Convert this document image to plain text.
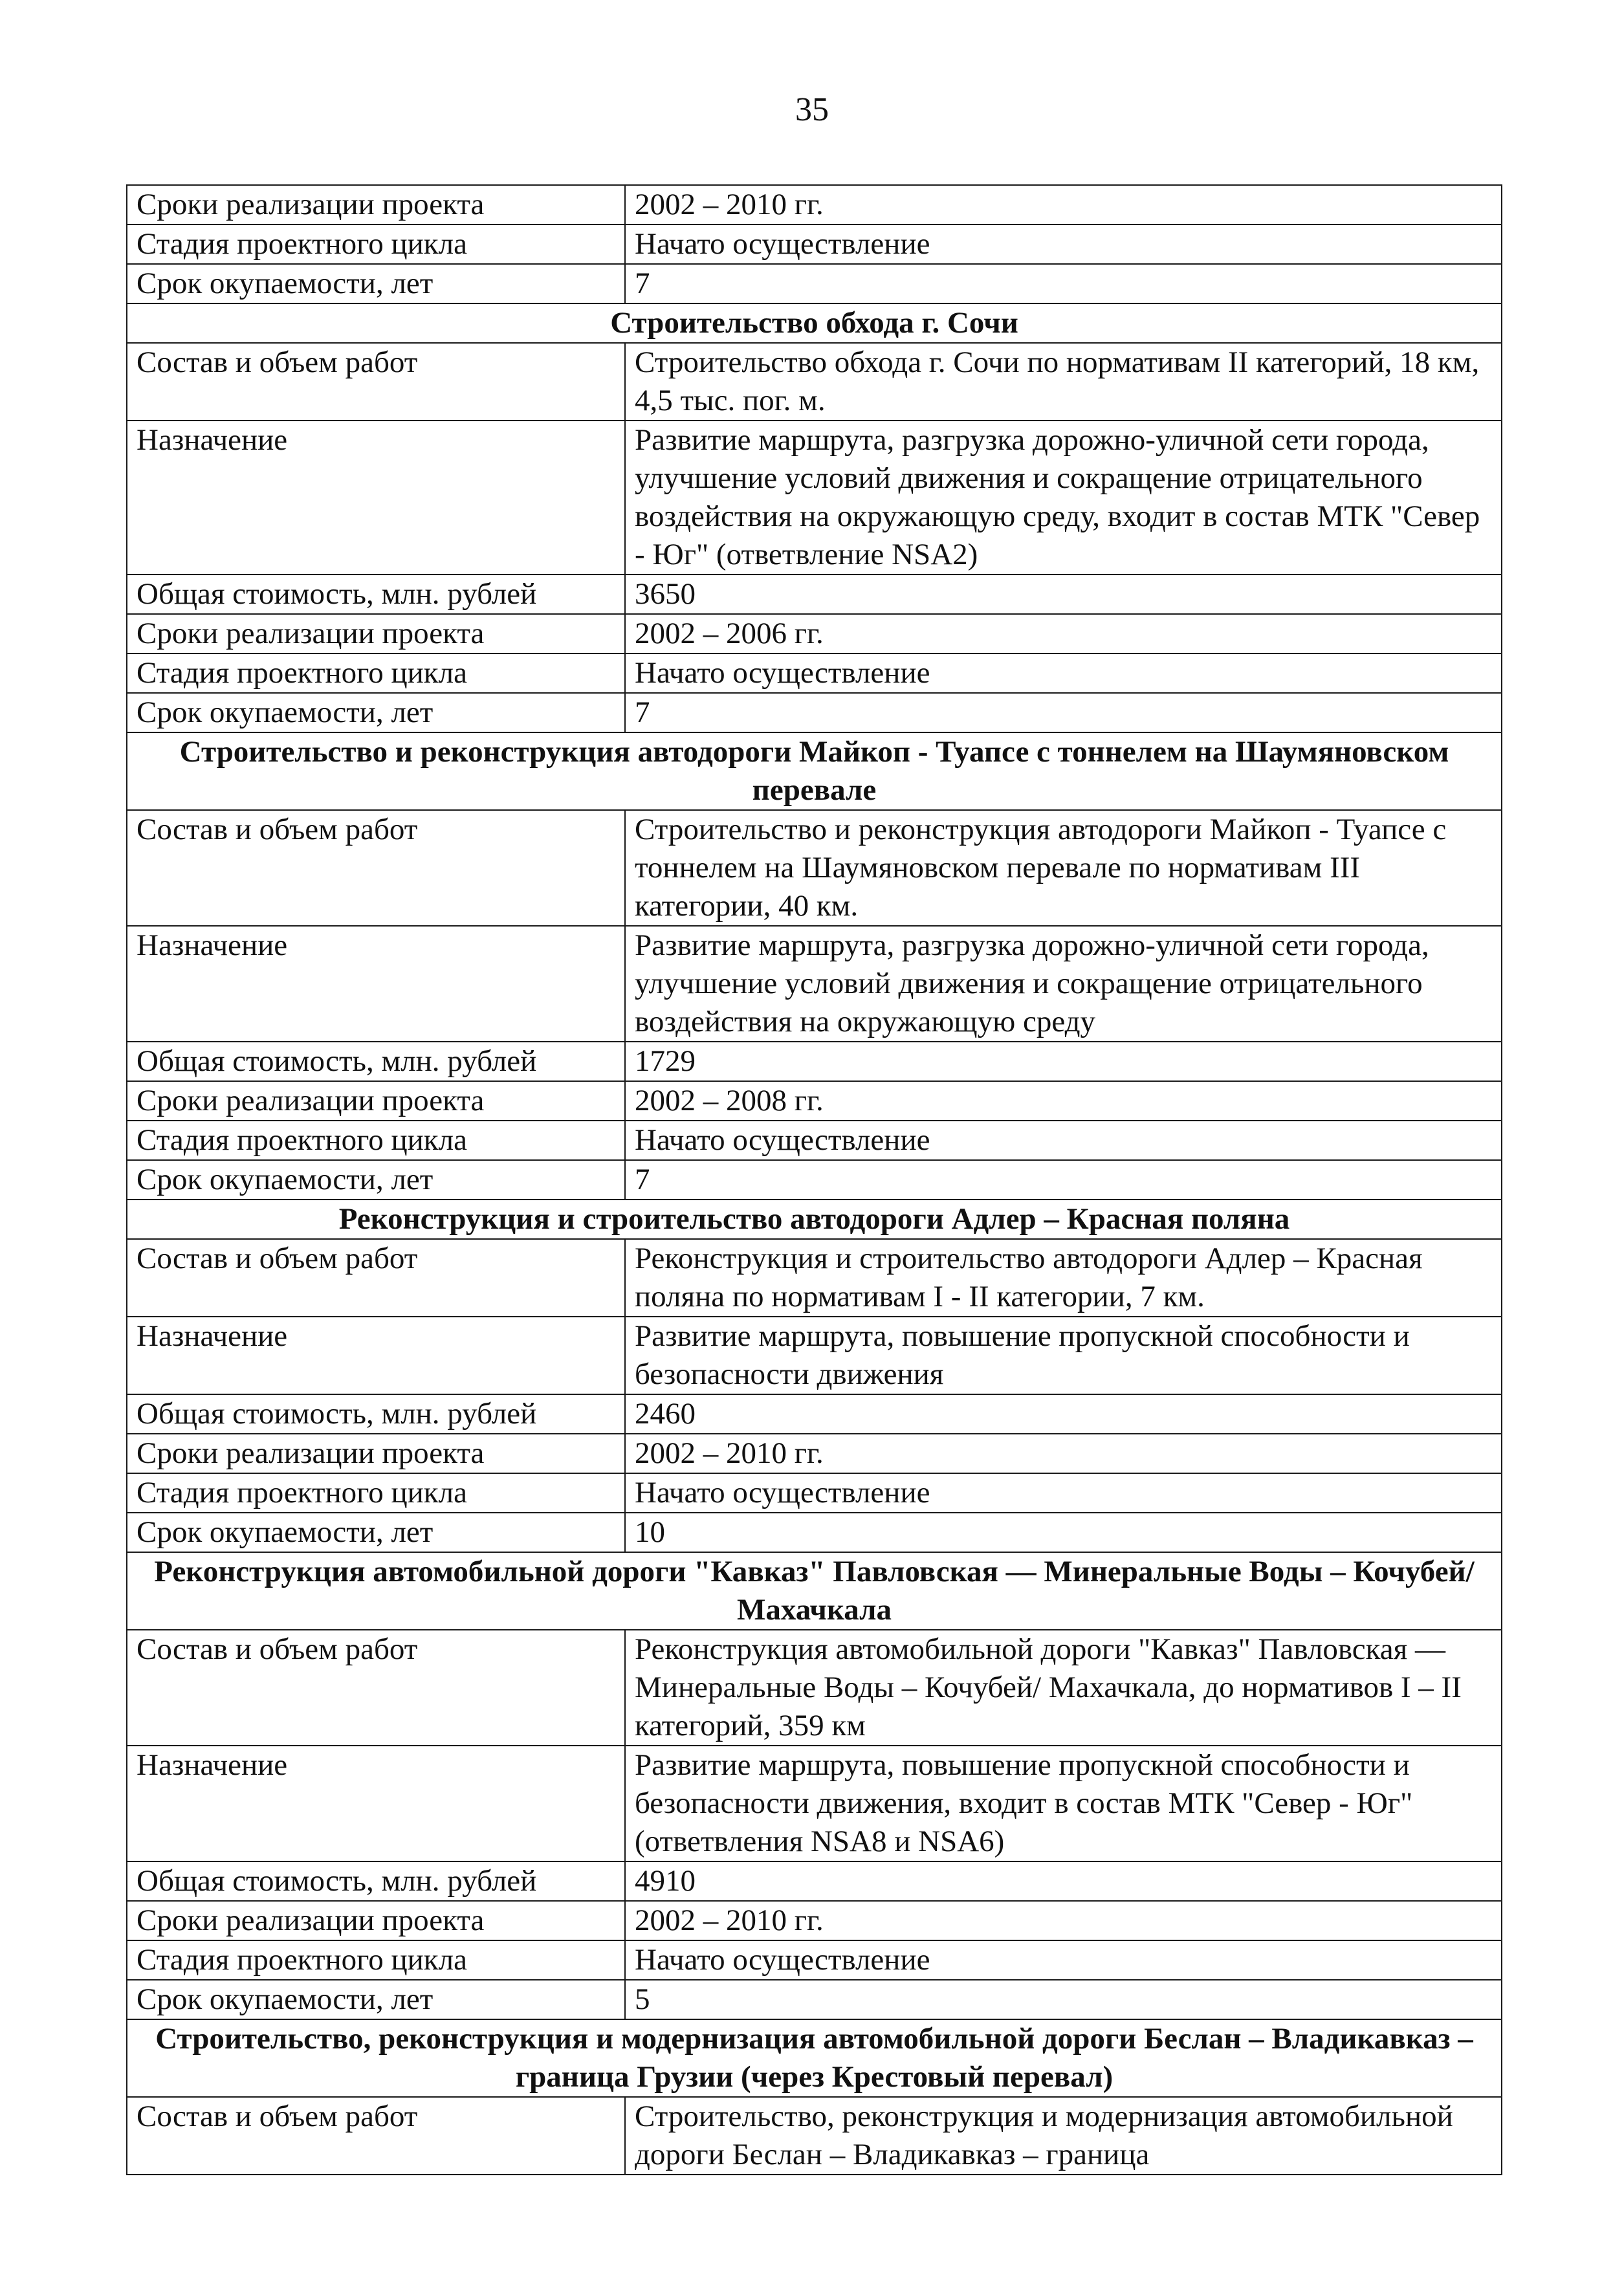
35
Сроки реализации проекта	2002 – 2010 гг.
Стадия проектного цикла	Начато осуществление
Срок окупаемости, лет	7
Строительство обхода г. Сочи	
Состав и объем работ	Строительство обхода г. Сочи по нормативам II категорий, 18 км, 4,5 тыс. пог. м.
Назначение	Развитие маршрута, разгрузка дорожно-уличной сети города, улучшение условий движения и сокращение отрицательного воздействия на окружающую среду, входит в состав МТК "Север - Юг" (ответвление NSA2)
Общая стоимость, млн. рублей	3650
Сроки реализации проекта	2002 – 2006 гг.
Стадия проектного цикла	Начато осуществление
Срок окупаемости, лет	7
Строительство и реконструкция автодороги Майкоп - Туапсе с тоннелем на Шаумяновском перевале	
Состав и объем работ	Строительство и реконструкция автодороги Майкоп - Туапсе с тоннелем на Шаумяновском перевале по нормативам III категории, 40 км.
Назначение	Развитие маршрута, разгрузка дорожно-уличной сети города, улучшение условий движения и сокращение отрицательного воздействия на окружающую среду
Общая стоимость, млн. рублей	1729
Сроки реализации проекта	2002 – 2008 гг.
Стадия проектного цикла	Начато осуществление
Срок окупаемости, лет	7
Реконструкция и строительство автодороги Адлер – Красная поляна	
Состав и объем работ	Реконструкция и строительство автодороги Адлер – Красная поляна по нормативам I - II категории, 7 км.
Назначение	Развитие маршрута, повышение пропускной способности и безопасности движения
Общая стоимость, млн. рублей	2460
Сроки реализации проекта	2002 – 2010 гг.
Стадия проектного цикла	Начато осуществление
Срок окупаемости, лет	10
Реконструкция автомобильной дороги "Кавказ" Павловская — Минеральные Воды – Кочубей/Махачкала	
Состав и объем работ	Реконструкция автомобильной дороги "Кавказ" Павловская — Минеральные Воды – Кочубей/ Махачкала, до нормативов I – II категорий, 359 км
Назначение	Развитие маршрута, повышение пропускной способности и безопасности движения, входит в состав МТК "Север - Юг" (ответвления NSA8 и NSA6)
Общая стоимость, млн. рублей	4910
Сроки реализации проекта	2002 – 2010 гг.
Стадия проектного цикла	Начато осуществление
Срок окупаемости, лет	5
Строительство, реконструкция и модернизация автомобильной дороги Беслан – Владикавказ – граница Грузии (через Крестовый перевал)	
Состав и объем работ	Строительство, реконструкция и модернизация автомобильной дороги Беслан – Владикавказ – граница
